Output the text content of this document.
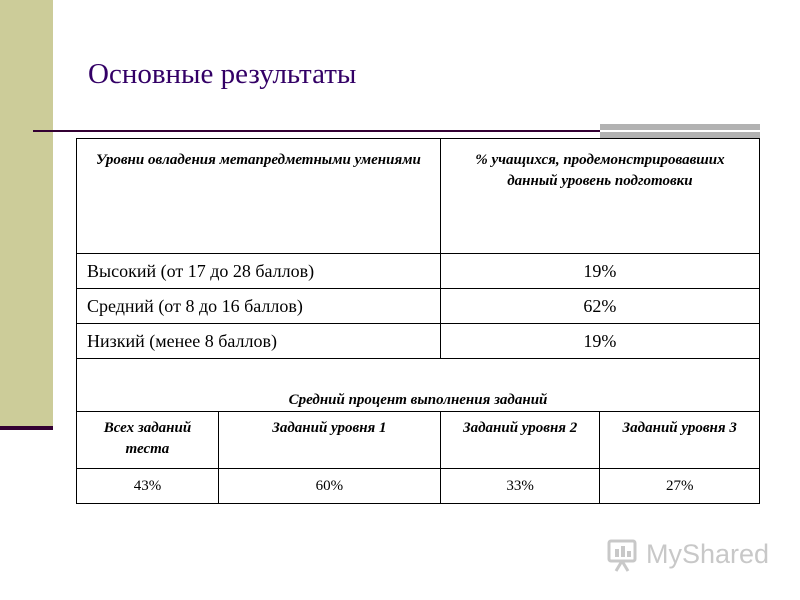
Основные результаты
Уровни овладения метапредметными умениями		% учащихся, продемонстрировавших данный уровень подготовки	

Высокий (от 17 до 28 баллов)		19%	
Средний (от 8 до 16 баллов)		62%	
Низкий (менее 8 баллов)		19%	
Средний процент выполнения заданий			
Всех заданий теста	Заданий уровня 1	Заданий уровня 2	Заданий уровня 3
43%	60%	33%	27%
MyShared
